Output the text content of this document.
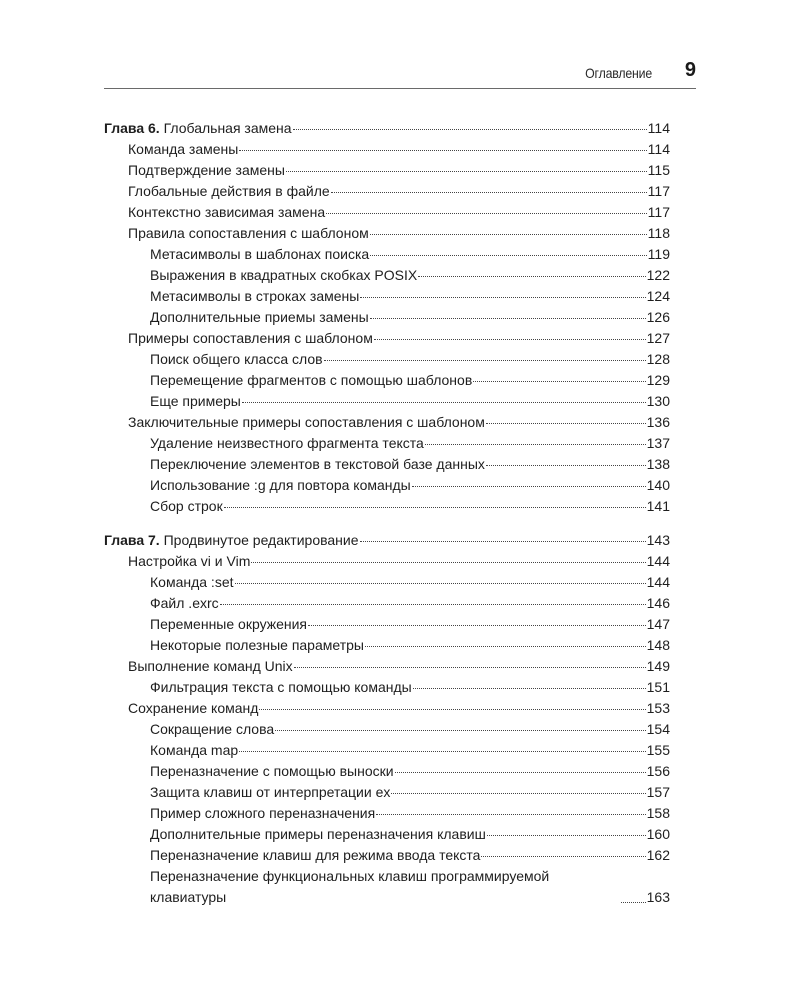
Оглавление 9
Глава 6. Глобальная замена	114
Команда замены	114
Подтверждение замены	115
Глобальные действия в файле	117
Контекстно зависимая замена	117
Правила сопоставления с шаблоном	118
Метасимволы в шаблонах поиска	119
Выражения в квадратных скобках POSIX	122
Метасимволы в строках замены	124
Дополнительные приемы замены	126
Примеры сопоставления с шаблоном	127
Поиск общего класса слов	128
Перемещение фрагментов с помощью шаблонов	129
Еще примеры	130
Заключительные примеры сопоставления с шаблоном	136
Удаление неизвестного фрагмента текста	137
Переключение элементов в текстовой базе данных	138
Использование :g для повтора команды	140
Сбор строк	141
Глава 7. Продвинутое редактирование	143
Настройка vi и Vim	144
Команда :set	144
Файл .exrc	146
Переменные окружения	147
Некоторые полезные параметры	148
Выполнение команд Unix	149
Фильтрация текста с помощью команды	151
Сохранение команд	153
Сокращение слова	154
Команда map	155
Переназначение с помощью выноски	156
Защита клавиш от интерпретации ex	157
Пример сложного переназначения	158
Дополнительные примеры переназначения клавиш	160
Переназначение клавиш для режима ввода текста	162
Переназначение функциональных клавиш программируемой клавиатуры	163
